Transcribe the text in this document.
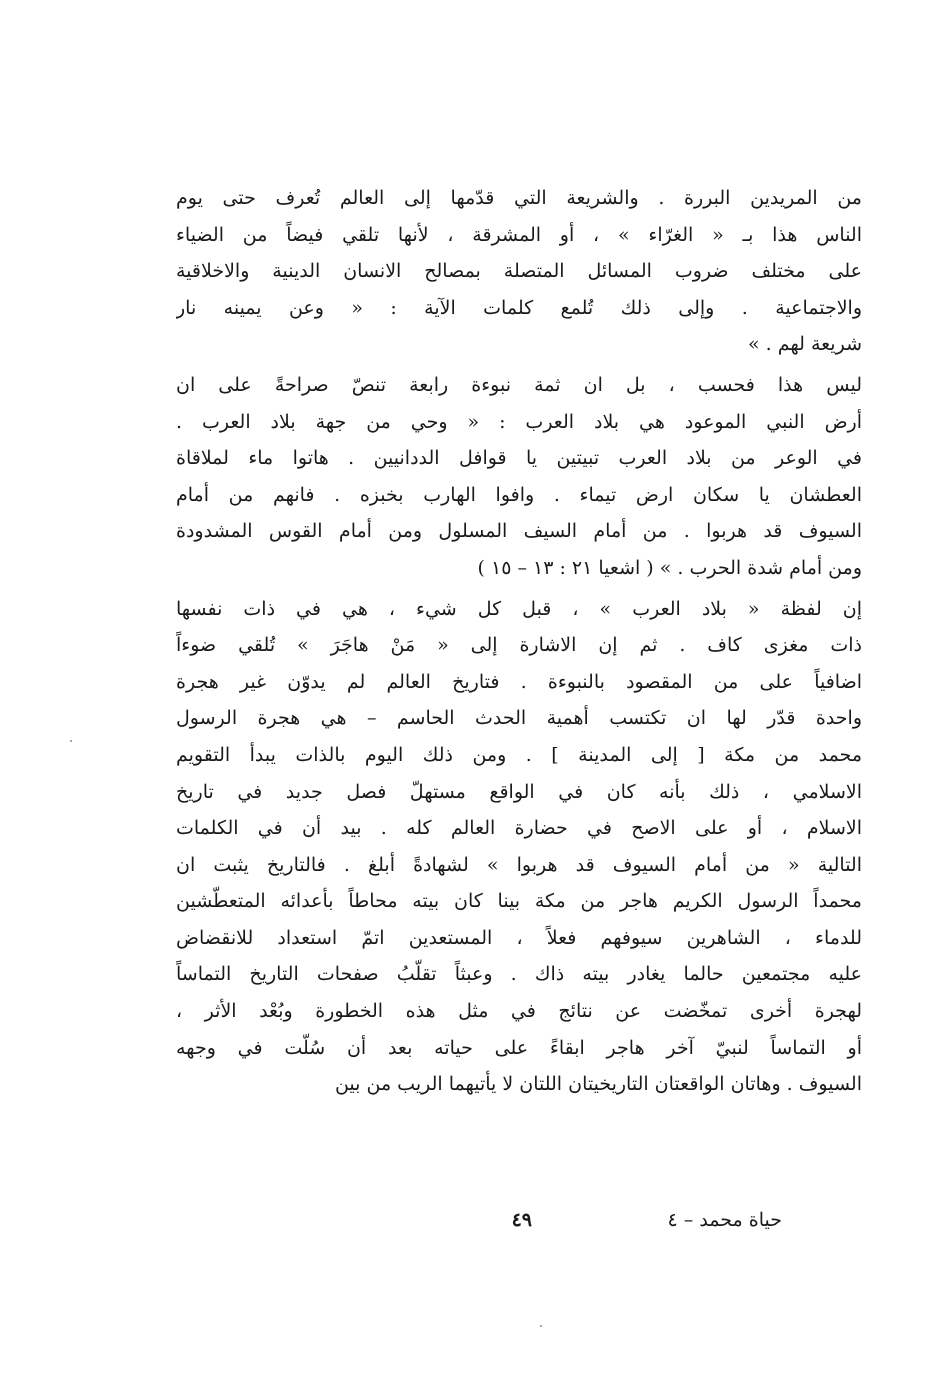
من المريدين البررة . والشريعة التي قدّمها إلى العالم تُعرف حتى يوم
الناس هذا بـ « الغرّاء » ، أو المشرقة ، لأنها تلقي فيضاً من الضياء
على مختلف ضروب المسائل المتصلة بمصالح الانسان الدينية والاخلاقية
والاجتماعية . وإلى ذلك تُلمع كلمات الآية : « وعن يمينه نار
شريعة لهم . »
ليس هذا فحسب ، بل ان ثمة نبوءة رابعة تنصّ صراحةً على ان
أرض النبي الموعود هي بلاد العرب : « وحي من جهة بلاد العرب .
في الوعر من بلاد العرب تبيتين يا قوافل الددانيين . هاتوا ماء لملاقاة
العطشان يا سكان ارض تيماء . وافوا الهارب بخبزه . فانهم من أمام
السيوف قد هربوا . من أمام السيف المسلول ومن أمام القوس المشدودة
ومن أمام شدة الحرب . » ( اشعيا ٢١ : ١٣ – ١٥ )
إن لفظة « بلاد العرب » ، قبل كل شيء ، هي في ذات نفسها
ذات مغزى كاف . ثم إن الاشارة إلى « مَنْ هاجَرَ » تُلقي ضوءاً
اضافياً على من المقصود بالنبوءة . فتاريخ العالم لم يدوّن غير هجرة
واحدة قدّر لها ان تكتسب أهمية الحدث الحاسم – هي هجرة الرسول
محمد من مكة [ إلى المدينة ] . ومن ذلك اليوم بالذات يبدأ التقويم
الاسلامي ، ذلك بأنه كان في الواقع مستهلّ فصل جديد في تاريخ
الاسلام ، أو على الاصح في حضارة العالم كله . بيد أن في الكلمات
التالية « من أمام السيوف قد هربوا » لشهادةً أبلغ . فالتاريخ يثبت ان
محمداً الرسول الكريم هاجر من مكة بينا كان بيته محاطاً بأعدائه المتعطّشين
للدماء ، الشاهرين سيوفهم فعلاً ، المستعدين اتمّ استعداد للانقضاض
عليه مجتمعين حالما يغادر بيته ذاك . وعبثاً تقلّبُ صفحات التاريخ التماساً
لهجرة أخرى تمخّضت عن نتائج في مثل هذه الخطورة وبُعْد الأثر ،
أو التماساً لنبيّ آخر هاجر ابقاءً على حياته بعد أن سُلّت في وجهه
السيوف . وهاتان الواقعتان التاريخيتان اللتان لا يأتيهما الريب من بين
حياة محمد – ٤
٤٩
